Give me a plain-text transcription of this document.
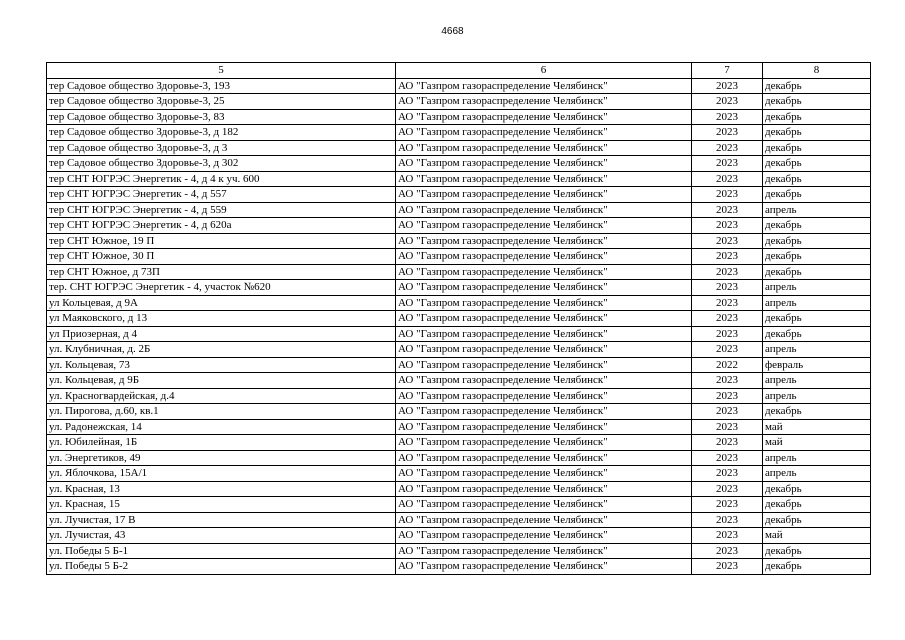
4668
5	6	7	8
тер Садовое общество Здоровье-3, 193	АО "Газпром газораспределение Челябинск"	2023	декабрь
тер Садовое общество Здоровье-3, 25	АО "Газпром газораспределение Челябинск"	2023	декабрь
тер Садовое общество Здоровье-3, 83	АО "Газпром газораспределение Челябинск"	2023	декабрь
тер Садовое общество Здоровье-3, д 182	АО "Газпром газораспределение Челябинск"	2023	декабрь
тер Садовое общество Здоровье-3, д 3	АО "Газпром газораспределение Челябинск"	2023	декабрь
тер Садовое общество Здоровье-3, д 302	АО "Газпром газораспределение Челябинск"	2023	декабрь
тер СНТ ЮГРЭС Энергетик - 4, д 4 к уч. 600	АО "Газпром газораспределение Челябинск"	2023	декабрь
тер СНТ ЮГРЭС Энергетик - 4, д 557	АО "Газпром газораспределение Челябинск"	2023	декабрь
тер СНТ ЮГРЭС Энергетик - 4, д 559	АО "Газпром газораспределение Челябинск"	2023	апрель
тер СНТ ЮГРЭС Энергетик - 4, д 620а	АО "Газпром газораспределение Челябинск"	2023	декабрь
тер СНТ Южное, 19 П	АО "Газпром газораспределение Челябинск"	2023	декабрь
тер СНТ Южное, 30 П	АО "Газпром газораспределение Челябинск"	2023	декабрь
тер СНТ Южное, д 73П	АО "Газпром газораспределение Челябинск"	2023	декабрь
тер. СНТ ЮГРЭС Энергетик - 4, участок №620	АО "Газпром газораспределение Челябинск"	2023	апрель
ул Кольцевая, д 9А	АО "Газпром газораспределение Челябинск"	2023	апрель
ул Маяковского, д 13	АО "Газпром газораспределение Челябинск"	2023	декабрь
ул Приозерная, д 4	АО "Газпром газораспределение Челябинск"	2023	декабрь
ул. Клубничная, д. 2Б	АО "Газпром газораспределение Челябинск"	2023	апрель
ул. Кольцевая, 73	АО "Газпром газораспределение Челябинск"	2022	февраль
ул. Кольцевая, д 9Б	АО "Газпром газораспределение Челябинск"	2023	апрель
ул. Красногвардейская, д.4	АО "Газпром газораспределение Челябинск"	2023	апрель
ул. Пирогова, д.60, кв.1	АО "Газпром газораспределение Челябинск"	2023	декабрь
ул. Радонежская, 14	АО "Газпром газораспределение Челябинск"	2023	май
ул. Юбилейная, 1Б	АО "Газпром газораспределение Челябинск"	2023	май
ул. Энергетиков, 49	АО "Газпром газораспределение Челябинск"	2023	апрель
ул. Яблочкова, 15А/1	АО "Газпром газораспределение Челябинск"	2023	апрель
ул. Красная, 13	АО "Газпром газораспределение Челябинск"	2023	декабрь
ул. Красная, 15	АО "Газпром газораспределение Челябинск"	2023	декабрь
ул. Лучистая, 17 В	АО "Газпром газораспределение Челябинск"	2023	декабрь
ул. Лучистая, 43	АО "Газпром газораспределение Челябинск"	2023	май
ул. Победы 5 Б-1	АО "Газпром газораспределение Челябинск"	2023	декабрь
ул. Победы 5 Б-2	АО "Газпром газораспределение Челябинск"	2023	декабрь
